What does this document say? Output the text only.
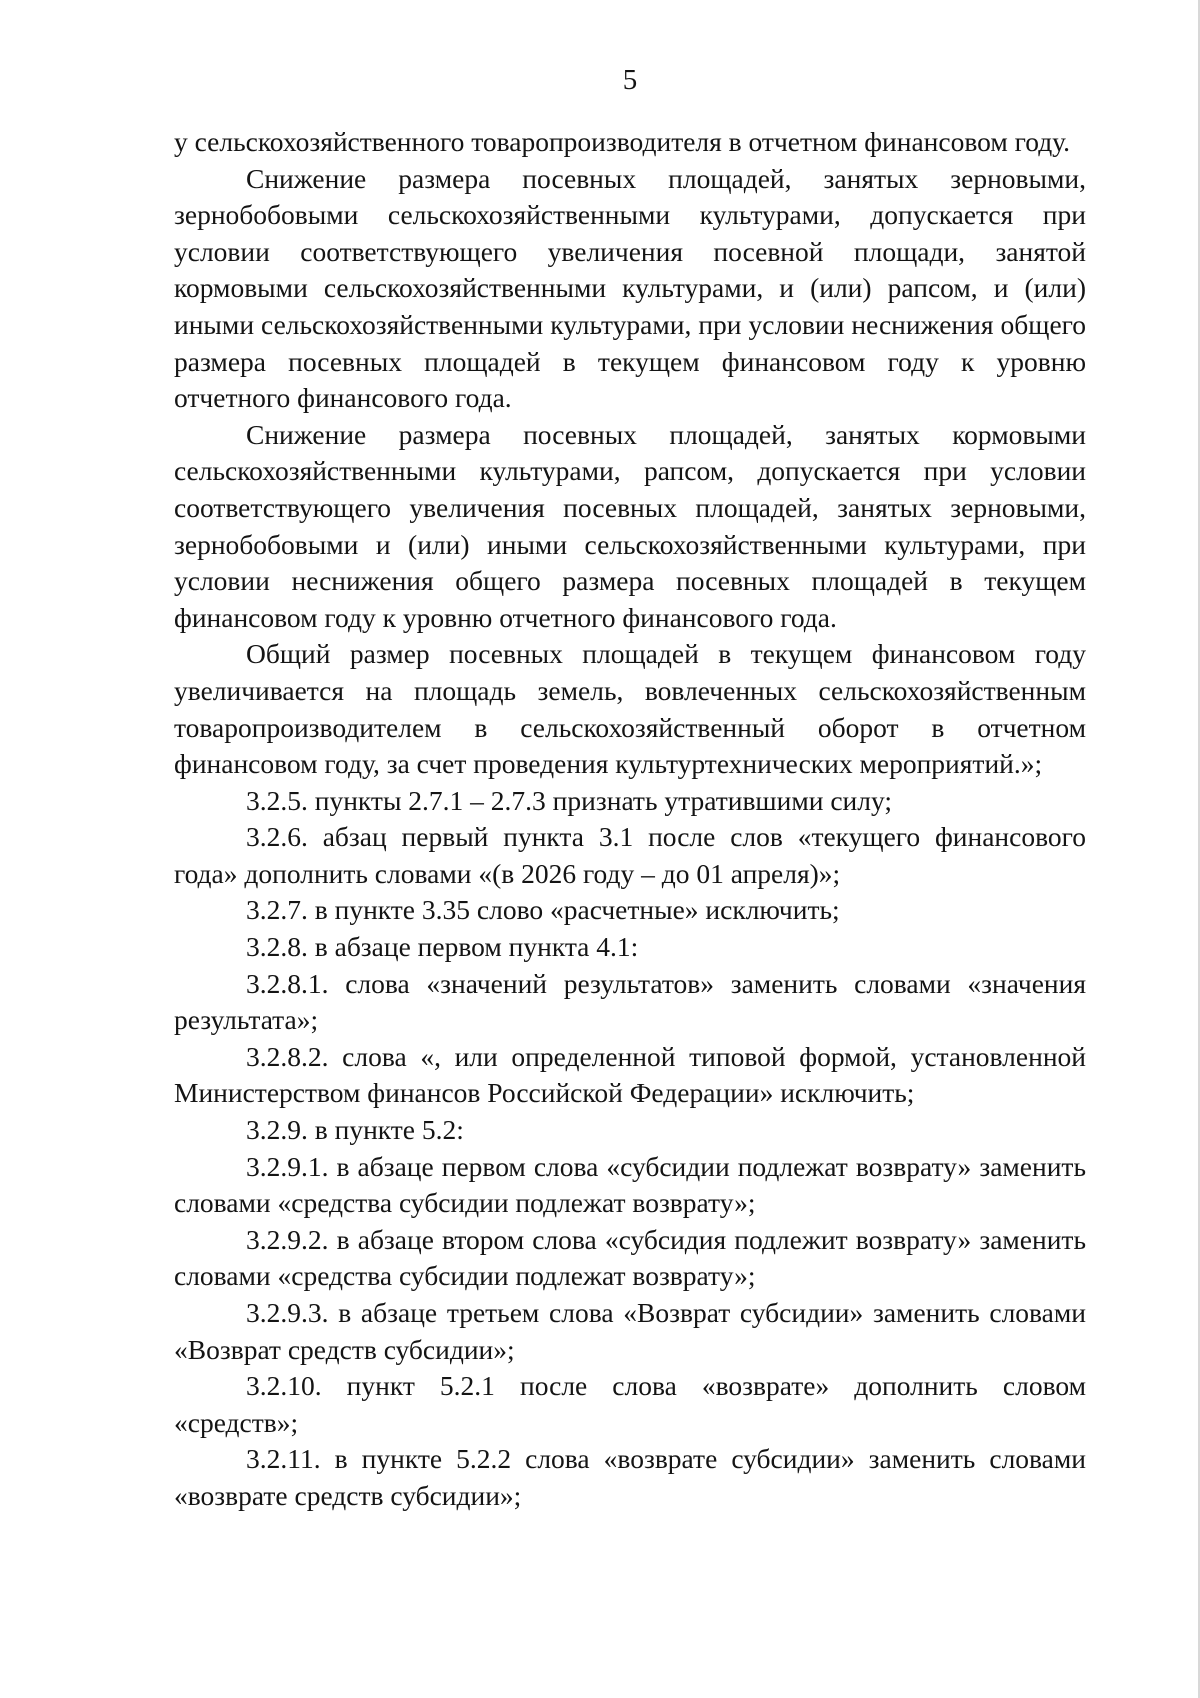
5

у сельскохозяйственного товаропроизводителя в отчетном финансовом году.

Снижение размера посевных площадей, занятых зерновыми, зернобобовыми сельскохозяйственными культурами, допускается при условии соответствующего увеличения посевной площади, занятой кормовыми сельскохозяйственными культурами, и (или) рапсом, и (или) иными сельскохозяйственными культурами, при условии неснижения общего размера посевных площадей в текущем финансовом году к уровню отчетного финансового года.

Снижение размера посевных площадей, занятых кормовыми сельскохозяйственными культурами, рапсом, допускается при условии соответствующего увеличения посевных площадей, занятых зерновыми, зернобобовыми и (или) иными сельскохозяйственными культурами, при условии неснижения общего размера посевных площадей в текущем финансовом году к уровню отчетного финансового года.

Общий размер посевных площадей в текущем финансовом году увеличивается на площадь земель, вовлеченных сельскохозяйственным товаропроизводителем в сельскохозяйственный оборот в отчетном финансовом году, за счет проведения культуртехнических мероприятий.»;

3.2.5. пункты 2.7.1 – 2.7.3 признать утратившими силу;

3.2.6. абзац первый пункта 3.1 после слов «текущего финансового года» дополнить словами «(в 2026 году – до 01 апреля)»;

3.2.7. в пункте 3.35 слово «расчетные» исключить;

3.2.8. в абзаце первом пункта 4.1:

3.2.8.1. слова «значений результатов» заменить словами «значения результата»;

3.2.8.2. слова «, или определенной типовой формой, установленной Министерством финансов Российской Федерации» исключить;

3.2.9. в пункте 5.2:

3.2.9.1. в абзаце первом слова «субсидии подлежат возврату» заменить словами «средства субсидии подлежат возврату»;

3.2.9.2. в абзаце втором слова «субсидия подлежит возврату» заменить словами «средства субсидии подлежат возврату»;

3.2.9.3. в абзаце третьем слова «Возврат субсидии» заменить словами «Возврат средств субсидии»;

3.2.10. пункт 5.2.1 после слова «возврате» дополнить словом «средств»;

3.2.11. в пункте 5.2.2 слова «возврате субсидии» заменить словами «возврате средств субсидии»;
